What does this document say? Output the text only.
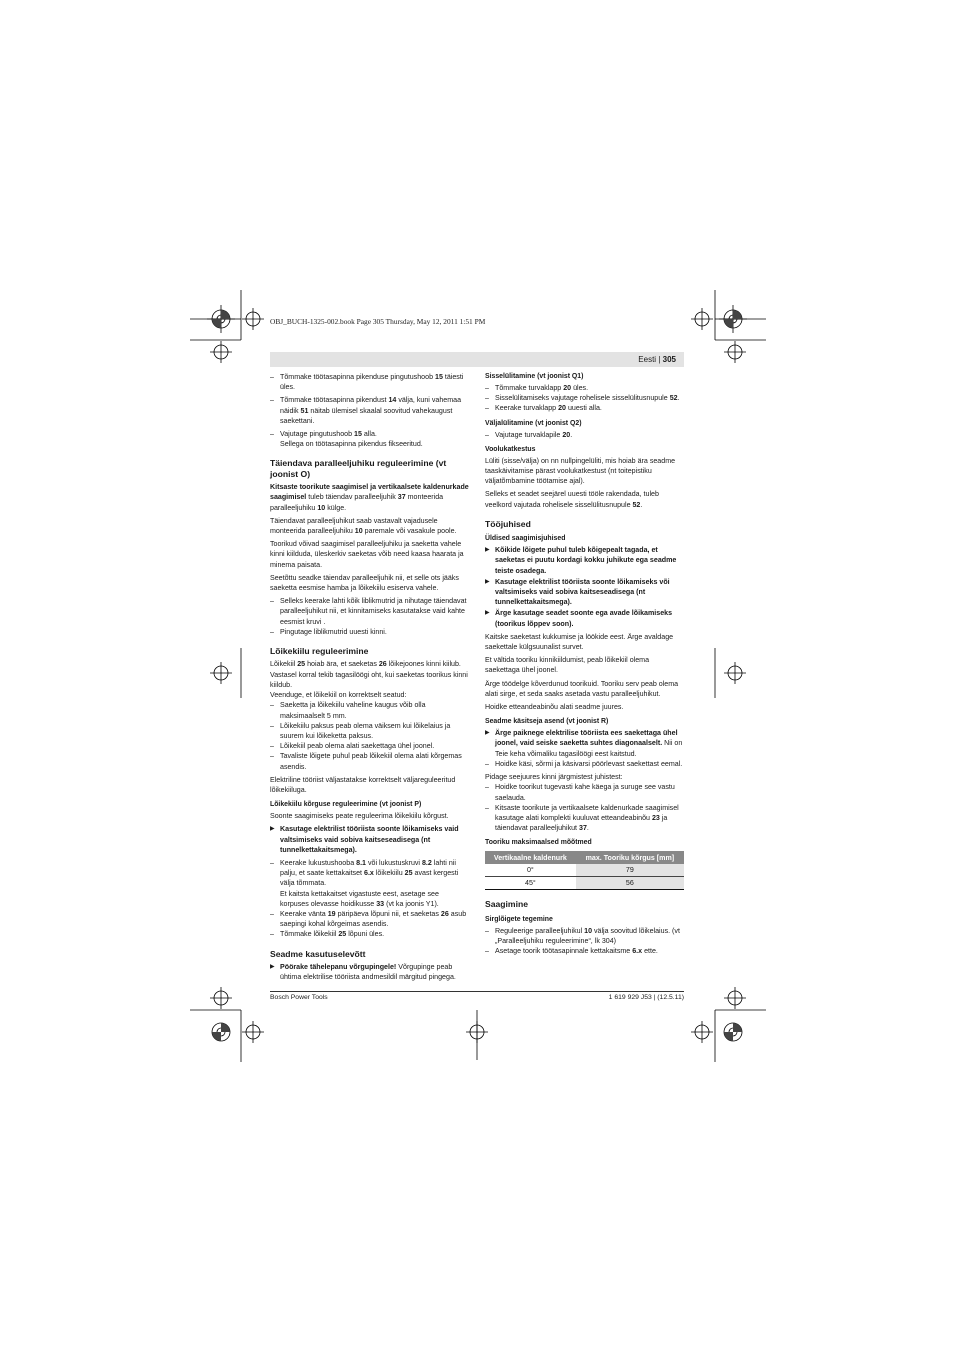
OBJ_BUCH-1325-002.book Page 305 Thursday, May 12, 2011 1:51 PM
Eesti | 305

– Tõmmake töötasapinna pikenduse pingutushoob 15 täiesti üles.

– Tõmmake töötasapinna pikendust 14 välja, kuni vahemaa näidik 51 näitab ülemisel skaalal soovitud vahekaugust saekettani.

– Vajutage pingutushoob 15 alla.

Sellega on töötasapinna pikendus fikseeritud.

Täiendava paralleeljuhiku reguleerimine (vt joonist O)

Kitsaste toorikute saagimisel ja vertikaalsete kaldenurkade saagimisel tuleb täiendav paralleeljuhik 37 monteerida paralleeljuhiku 10 külge.

Täiendavat paralleeljuhikut saab vastavalt vajadusele monteerida paralleeljuhiku 10 paremale või vasakule poole.

Toorikud võivad saagimisel paralleeljuhiku ja saeketta vahele kinni kiilduda, üleskerkiv saeketas võib need kaasa haarata ja minema paisata.

Seetõttu seadke täiendav paralleeljuhik nii, et selle ots jääks saeketta eesmise hamba ja lõikekiilu esiserva vahele.

– Selleks keerake lahti kõik liblikmutrid ja nihutage täiendavat paralleeljuhikut nii, et kinnitamiseks kasutatakse vaid kahte eesmist kruvi .

– Pingutage liblikmutrid uuesti kinni.

Lõikekiilu reguleerimine

Lõikekiil 25 hoiab ära, et saeketas 26 lõikejoones kinni kiilub. Vastasel korral tekib tagasilöögi oht, kui saeketas toorikus kinni kiildub.

Veenduge, et lõikekiil on korrektselt seatud:

– Saeketta ja lõikekiilu vaheline kaugus võib olla maksimaalselt 5 mm.

– Lõikekiilu paksus peab olema väiksem kui lõikelaius ja suurem kui lõikeketta paksus.

– Lõikekiil peab olema alati saekettaga ühel joonel.

– Tavaliste lõigete puhul peab lõikekiil olema alati kõrgemas asendis.

Elektriline tööriist väljastatakse korrektselt väljareguleeritud lõikekiiluga.

Lõikekiilu kõrguse reguleerimine (vt joonist P)

Soonte saagimiseks peate reguleerima lõikekiilu kõrgust.

▶ Kasutage elektrilist tööriista soonte lõikamiseks vaid valtsimiseks vaid sobiva kaitseseadisega (nt tunnelkettakaitsmega).

– Keerake lukustushooba 8.1 või lukustuskruvi 8.2 lahti nii palju, et saate kettakaitset 6.x lõikekiilu 25 avast kergesti välja tõmmata.

Et kaitsta kettakaitset vigastuste eest, asetage see korpuses olevasse hoidikusse 33 (vt ka joonis Y1).

– Keerake vänta 19 päripäeva lõpuni nii, et saeketas 26 asub saepingi kohal kõrgeimas asendis.

– Tõmmake lõikekiil 25 lõpuni üles.

Seadme kasutuselevõtt

▶ Pöörake tähelepanu võrgupingele! Võrgupinge peab ühtima elektrilise tööriista andmesildil märgitud pingega.

Sisselülitamine (vt joonist Q1)

– Tõmmake turvaklapp 20 üles.

– Sisselülitamiseks vajutage rohelisele sisselülitusnupule 52.

– Keerake turvaklapp 20 uuesti alla.

Väljalülitamine (vt joonist Q2)

– Vajutage turvaklapile 20.

Voolukatkestus

Lüliti (sisse/välja) on nn nullpingelüliti, mis hoiab ära seadme taaskäivitamise pärast voolukatkestust (nt toitepistiku väljatõmbamine töötamise ajal).

Selleks et seadet seejärel uuesti tööle rakendada, tuleb veelkord vajutada rohelisele sisselülitusnupule 52.

Tööjuhised
Üldised saagimisjuhised

▶ Kõikide lõigete puhul tuleb kõigepealt tagada, et saeketas ei puutu kordagi kokku juhikute ega seadme teiste osadega.

▶ Kasutage elektrilist tööriista soonte lõikamiseks või valtsimiseks vaid sobiva kaitseseadisega (nt tunnelkettakaitsmega).

▶ Ärge kasutage seadet soonte ega avade lõikamiseks (toorikus lõppev soon).

Kaitske saeketast kukkumise ja löökide eest. Ärge avaldage saekettale külgsuunalist survet.

Et vältida tooriku kinnikiildumist, peab lõikekiil olema saekettaga ühel joonel.

Ärge töödelge kõverdunud toorikuid. Tooriku serv peab olema alati sirge, et seda saaks asetada vastu paralleeljuhikut.

Hoidke etteandeabinõu alati seadme juures.

Seadme käsitseja asend (vt joonist R)

▶ Ärge paiknege elektrilise tööriista ees saekettaga ühel joonel, vaid seiske saeketta suhtes diagonaalselt. Nii on Teie keha võimaliku tagasilöögi eest kaitstud.

– Hoidke käsi, sõrmi ja käsivarsi pöörlevast saekettast eemal.

Pidage seejuures kinni järgmistest juhistest:

– Hoidke toorikut tugevasti kahe käega ja suruge see vastu saelauda.

– Kitsaste toorikute ja vertikaalsete kaldenurkade saagimisel kasutage alati komplekti kuuluvat etteandeabinõu 23 ja täiendavat paralleeljuhikut 37.

Tooriku maksimaalsed mõõtmed
Vertikaalne kaldenurk	max. Tooriku kõrgus [mm]
0°	79
45°	56
Saagimine
Sirglõigete tegemine

– Reguleerige paralleeljuhikul 10 välja soovitud lõikelaius. (vt „Paralleeljuhiku reguleerimine“, lk 304)

– Asetage toorik töötasapinnale kettakaitsme 6.x ette.

Bosch Power Tools	1 619 929 J53 | (12.5.11)
